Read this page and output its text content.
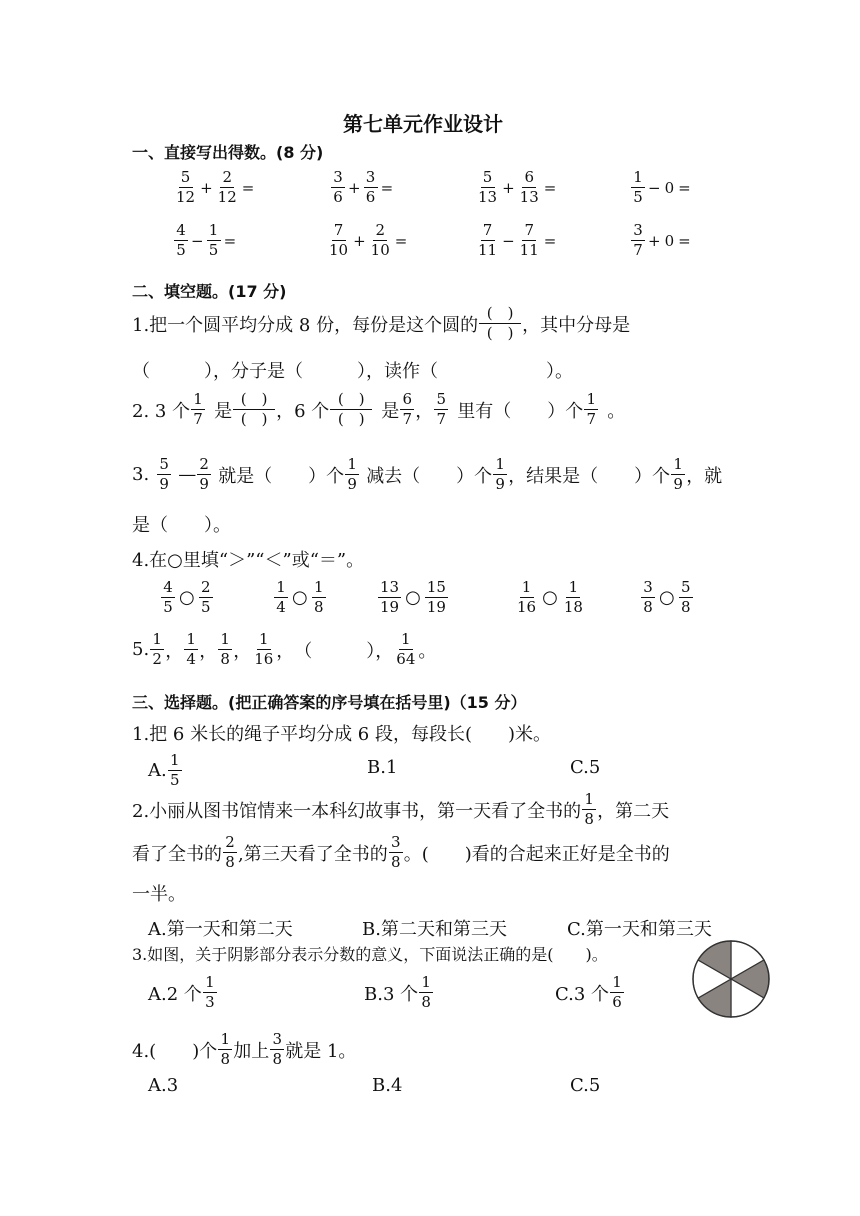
第七单元作业设计
一、直接写出得数。(8 分)
$\frac{5}{12} + \frac{2}{12}$ =	$\frac{3}{6} + \frac{3}{6}$ =	$\frac{5}{13} + \frac{6}{13}$ =	$\frac{1}{5} - 0$ =
$\frac{4}{5} - \frac{1}{5}$ =	$\frac{7}{10} + \frac{2}{10}$ =	$\frac{7}{11} - \frac{7}{11}$ =	$\frac{3}{7} + 0$ =
二、填空题。(17 分)
1.把一个圆平均分成 8 份，每份是这个圆的 $\frac{( )}{( )}$ ，其中分母是
（　　　），分子是（　　　），读作（　　　　　　）。
2. 3 个 $\frac{1}{7}$ 是 $\frac{( )}{( )}$ ，6 个 $\frac{( )}{( )}$ 是 $\frac{6}{7}$ ， $\frac{5}{7}$ 里有（　　）个 $\frac{1}{7}$ 。
3. $\frac{5}{9}$ — $\frac{2}{9}$ 就是（　　）个 $\frac{1}{9}$ 减去（　　）个 $\frac{1}{9}$ ，结果是（　　）个 $\frac{1}{9}$ ，就
是（　　）。
4.在○里填“＞”“＜”或“＝”。
$\frac{4}{5}$ ○ $\frac{2}{5}$	$\frac{1}{4}$ ○ $\frac{1}{8}$	$\frac{13}{19}$ ○ $\frac{15}{19}$	$\frac{1}{16}$ ○ $\frac{1}{18}$	$\frac{3}{8}$ ○ $\frac{5}{8}$
5. $\frac{1}{2}$ ， $\frac{1}{4}$ ， $\frac{1}{8}$ ， $\frac{1}{16}$ ， （　　　）， $\frac{1}{64}$ 。
三、选择题。(把正确答案的序号填在括号里)（15 分）
1.把 6 米长的绳子平均分成 6 段，每段长(　　)米。
A. $\frac{1}{5}$	B.1	C.5
2.小丽从图书馆情来一本科幻故事书，第一天看了全书的 $\frac{1}{8}$ ，第二天
看了全书的 $\frac{2}{8}$ ,第三天看了全书的 $\frac{3}{8}$ 。(　　)看的合起来正好是全书的
一半。
A.第一天和第二天	B.第二天和第三天	C.第一天和第三天
3.如图，关于阴影部分表示分数的意义，下面说法正确的是(　　)。
A.2 个 $\frac{1}{3}$	B.3 个 $\frac{1}{8}$	C.3 个 $\frac{1}{6}$
4.(　　)个 $\frac{1}{8}$ 加上 $\frac{3}{8}$ 就是 1。
A.3	B.4	C.5
